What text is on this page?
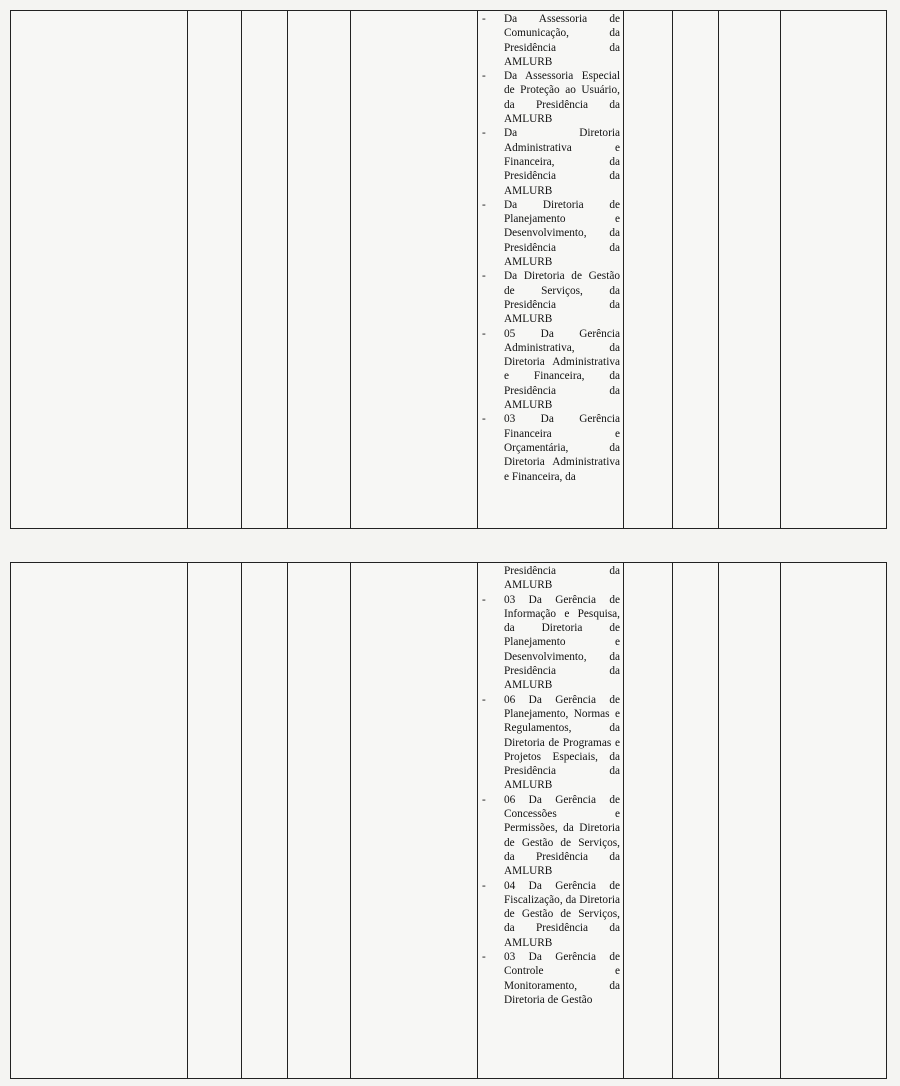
- Da Assessoria de Comunicação, da Presidência da AMLURB
- Da Assessoria Especial de Proteção ao Usuário, da Presidência da AMLURB
- Da Diretoria Administrativa e Financeira, da Presidência da AMLURB
- Da Diretoria de Planejamento e Desenvolvimento, da Presidência da AMLURB
- Da Diretoria de Gestão de Serviços, da Presidência da AMLURB
- 05 Da Gerência Administrativa, da Diretoria Administrativa e Financeira, da Presidência da AMLURB
- 03 Da Gerência Financeira e Orçamentária, da Diretoria Administrativa e Financeira, da
Presidência da AMLURB
- 03 Da Gerência de Informação e Pesquisa, da Diretoria de Planejamento e Desenvolvimento, da Presidência da AMLURB
- 06 Da Gerência de Planejamento, Normas e Regulamentos, da Diretoria de Programas e Projetos Especiais, da Presidência da AMLURB
- 06 Da Gerência de Concessões e Permissões, da Diretoria de Gestão de Serviços, da Presidência da AMLURB
- 04 Da Gerência de Fiscalização, da Diretoria de Gestão de Serviços, da Presidência da AMLURB
- 03 Da Gerência de Controle e Monitoramento, da Diretoria de Gestão
